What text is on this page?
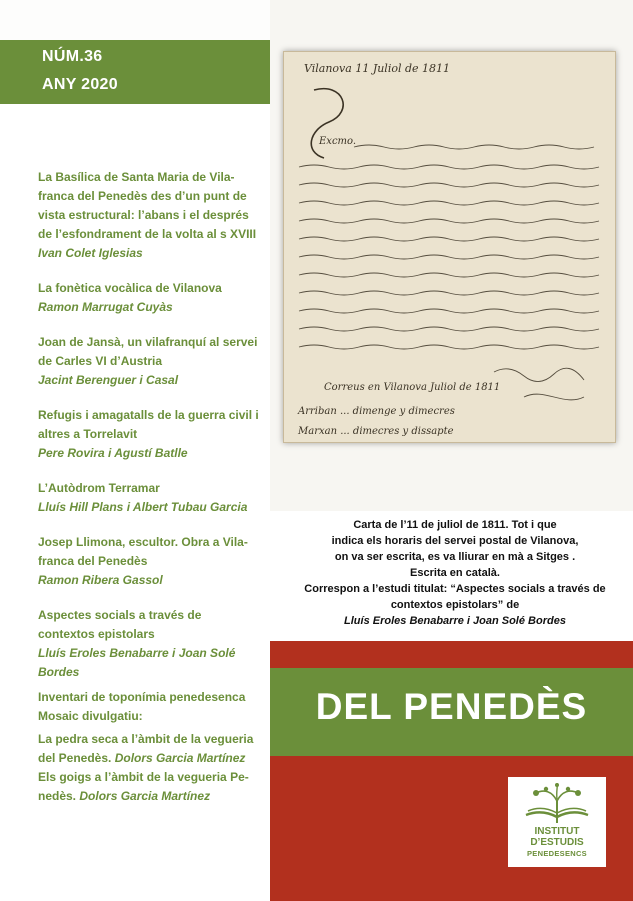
NÚM.36
ANY 2020
La Basílica de Santa Maria de Vilafranca del Penedès des d’un punt de vista estructural: l’abans i el després de l’esfondrament de la volta al s XVIII
Ivan Colet Iglesias
La fonètica vocàlica de Vilanova
Ramon Marrugat Cuyàs
Joan de Jansà, un vilafranquí al servei de Carles VI d’Austria
Jacint Berenguer i Casal
Refugis i amagatalls de la guerra civil i altres a Torrelavit
Pere Rovira i Agustí Batlle
L’Autòdrom Terramar
Lluís Hill Plans i Albert Tubau Garcia
Josep Llimona, escultor. Obra a Vilafranca del Penedès
Ramon Ribera Gassol
Aspectes socials a través de contextos epistolars
Lluís Eroles Benabarre i Joan Solé Bordes
Inventari de toponímia penedesenca
Mosaic divulgatiu:
La pedra seca a l’àmbit de la vegueria del Penedès. Dolors Garcia Martínez
Els goigs a l’àmbit de la vegueria Penedès. Dolors Garcia Martínez
Vilanova 11 Juliol de 1811
Excmo.
Correus en Vilanova Juliol de 1811
Arriban ... dimenge y dimecres
Marxan ... dimecres y dissapte
Carta de l’11 de juliol de 1811. Tot i que
indica els horaris del servei postal de Vilanova,
on va ser escrita, es va lliurar en mà a Sitges .
Escrita en català.
Correspon a l’estudi titulat: “Aspectes socials a través de
contextos epistolars” de
Lluís Eroles Benabarre i Joan Solé Bordes
DEL PENEDÈS
INSTITUT
D’ESTUDIS
PENEDESENCS
